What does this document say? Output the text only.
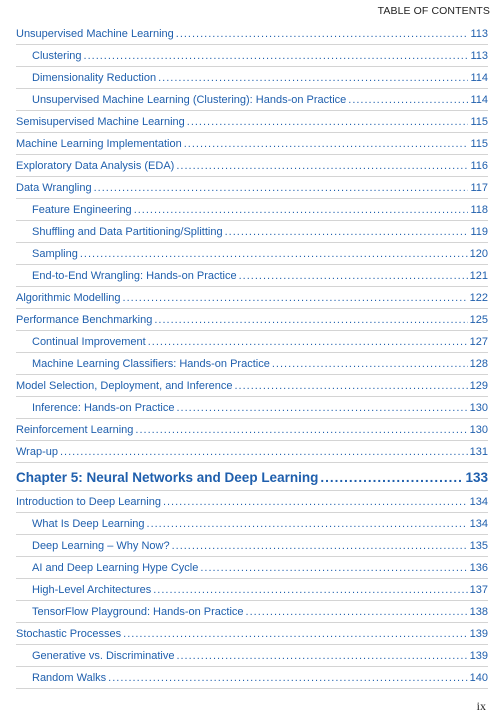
TABLE OF CONTENTS
Unsupervised Machine Learning .....	113
Clustering .....	113
Dimensionality Reduction .....	114
Unsupervised Machine Learning (Clustering): Hands-on Practice .....	114
Semisupervised Machine Learning .....	115
Machine Learning Implementation .....	115
Exploratory Data Analysis (EDA) .....	116
Data Wrangling .....	117
Feature Engineering .....	118
Shuffling and Data Partitioning/Splitting .....	119
Sampling .....	120
End-to-End Wrangling: Hands-on Practice .....	121
Algorithmic Modelling .....	122
Performance Benchmarking .....	125
Continual Improvement .....	127
Machine Learning Classifiers: Hands-on Practice .....	128
Model Selection, Deployment, and Inference .....	129
Inference: Hands-on Practice .....	130
Reinforcement Learning .....	130
Wrap-up .....	131
Chapter 5: Neural Networks and Deep Learning .....	133
Introduction to Deep Learning .....	134
What Is Deep Learning .....	134
Deep Learning – Why Now? .....	135
AI and Deep Learning Hype Cycle .....	136
High-Level Architectures .....	137
TensorFlow Playground: Hands-on Practice .....	138
Stochastic Processes .....	139
Generative vs. Discriminative .....	139
Random Walks .....	140
ix
